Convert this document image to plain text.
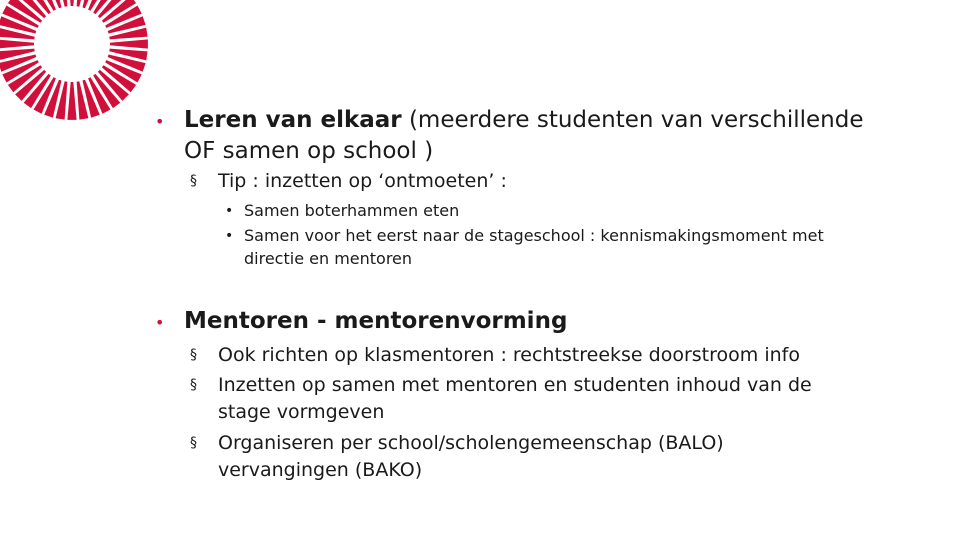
• Leren van elkaar (meerdere studenten van verschillende
OF samen op school )
§ Tip : inzetten op ‘ontmoeten’ :
• Samen boterhammen eten
• Samen voor het eerst naar de stageschool : kennismakingsmoment met
directie en mentoren
• Mentoren - mentorenvorming
§ Ook richten op klasmentoren : rechtstreekse doorstroom info
§ Inzetten op samen met mentoren en studenten inhoud van de
stage vormgeven
§ Organiseren per school/scholengemeenschap (BALO)
vervangingen (BAKO)
